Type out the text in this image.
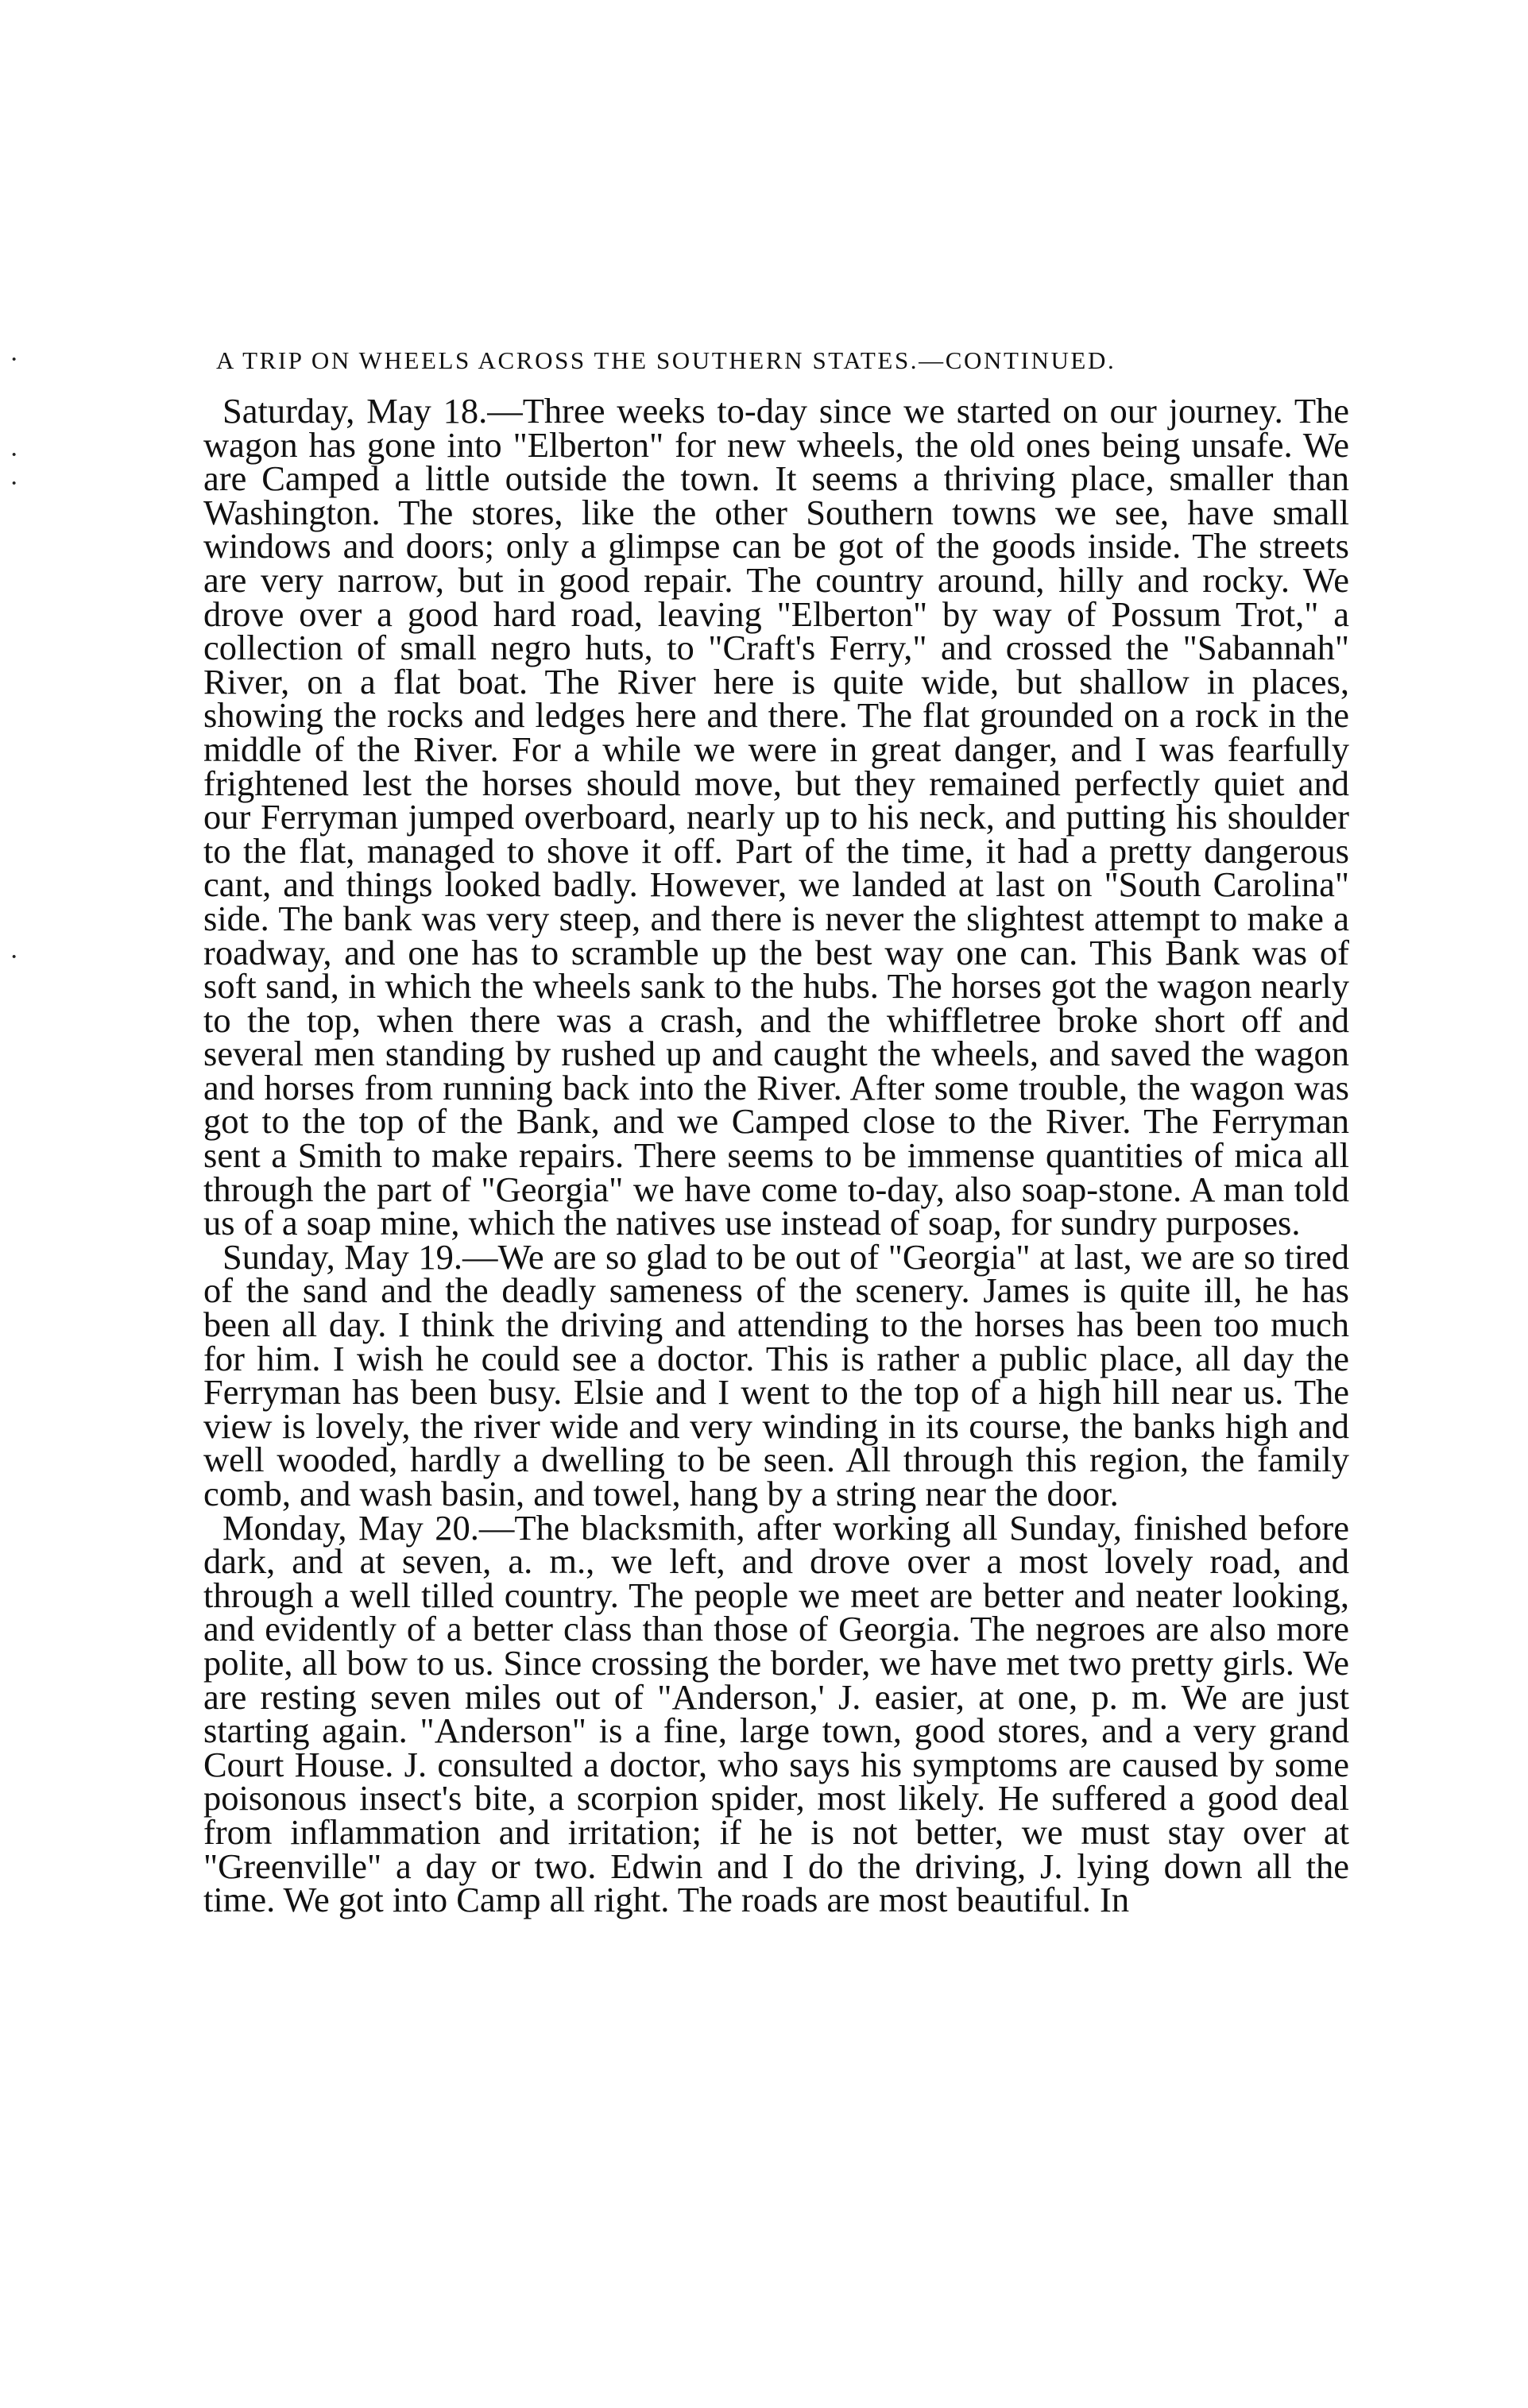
·
·
·
·
A TRIP ON WHEELS ACROSS THE SOUTHERN STATES.—CONTINUED.

Saturday, May 18.—Three weeks to-day since we started on our journey. The wagon has gone into "Elberton" for new wheels, the old ones being unsafe. We are Camped a little outside the town. It seems a thriving place, smaller than Washington. The stores, like the other Southern towns we see, have small windows and doors; only a glimpse can be got of the goods inside. The streets are very narrow, but in good repair. The country around, hilly and rocky. We drove over a good hard road, leaving "Elberton" by way of Possum Trot," a collection of small negro huts, to "Craft's Ferry," and crossed the "Sabannah" River, on a flat boat. The River here is quite wide, but shallow in places, showing the rocks and ledges here and there. The flat grounded on a rock in the middle of the River. For a while we were in great danger, and I was fearfully frightened lest the horses should move, but they remained perfectly quiet and our Ferryman jumped overboard, nearly up to his neck, and putting his shoulder to the flat, managed to shove it off. Part of the time, it had a pretty dangerous cant, and things looked badly. However, we landed at last on "South Carolina" side. The bank was very steep, and there is never the slightest attempt to make a roadway, and one has to scramble up the best way one can. This Bank was of soft sand, in which the wheels sank to the hubs. The horses got the wagon nearly to the top, when there was a crash, and the whiffletree broke short off and several men standing by rushed up and caught the wheels, and saved the wagon and horses from running back into the River. After some trouble, the wagon was got to the top of the Bank, and we Camped close to the River. The Ferryman sent a Smith to make repairs. There seems to be immense quantities of mica all through the part of "Georgia" we have come to-day, also soap-stone. A man told us of a soap mine, which the natives use instead of soap, for sundry purposes.

Sunday, May 19.—We are so glad to be out of "Georgia" at last, we are so tired of the sand and the deadly sameness of the scenery. James is quite ill, he has been all day. I think the driving and attending to the horses has been too much for him. I wish he could see a doctor. This is rather a public place, all day the Ferryman has been busy. Elsie and I went to the top of a high hill near us. The view is lovely, the river wide and very winding in its course, the banks high and well wooded, hardly a dwelling to be seen. All through this region, the family comb, and wash basin, and towel, hang by a string near the door.

Monday, May 20.—The blacksmith, after working all Sunday, finished before dark, and at seven, a. m., we left, and drove over a most lovely road, and through a well tilled country. The people we meet are better and neater looking, and evidently of a better class than those of Georgia. The negroes are also more polite, all bow to us. Since crossing the border, we have met two pretty girls. We are resting seven miles out of "Anderson,' J. easier, at one, p. m. We are just starting again. "Anderson" is a fine, large town, good stores, and a very grand Court House. J. consulted a doctor, who says his symptoms are caused by some poisonous insect's bite, a scorpion spider, most likely. He suffered a good deal from inflammation and irritation; if he is not better, we must stay over at "Greenville" a day or two. Edwin and I do the driving, J. lying down all the time. We got into Camp all right. The roads are most beautiful. In
